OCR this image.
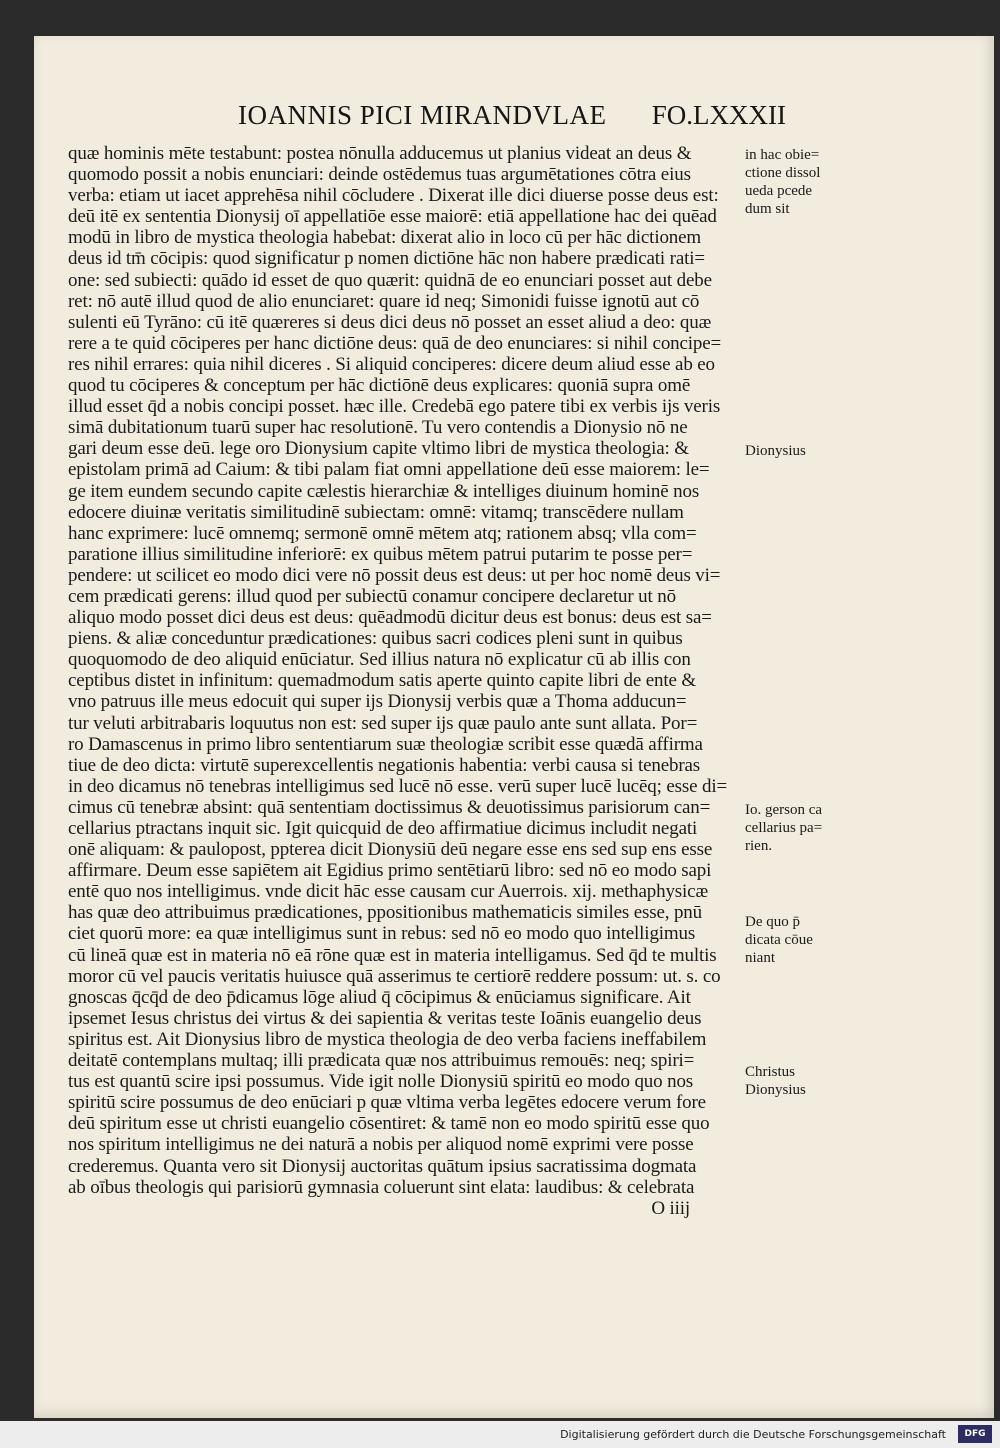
IOANNIS PICI MIRANDVLAE FO.LXXXII
quæ hominis mēte testabunt: postea nōnulla adducemus ut planius videat an deus &
quomodo possit a nobis enunciari: deinde ostēdemus tuas argumētationes cōtra eius
verba: etiam ut iacet apprehēsa nihil cōcludere . Dixerat ille dici diuerse posse deus est:
deū itē ex sententia Dionysij oī appellatiōe esse maiorē: etiā appellatione hac dei quēad
modū in libro de mystica theologia habebat: dixerat alio in loco cū per hāc dictionem
deus id tm̄ cōcipis: quod significatur p nomen dictiōne hāc non habere prædicati rati=
one: sed subiecti: quādo id esset de quo quærit: quidnā de eo enunciari posset aut debe
ret: nō autē illud quod de alio enunciaret: quare id neq; Simonidi fuisse ignotū aut cō
sulenti eū Tyrāno: cū itē quæreres si deus dici deus nō posset an esset aliud a deo: quæ
rere a te quid cōciperes per hanc dictiōne deus: quā de deo enunciares: si nihil concipe=
res nihil errares: quia nihil diceres . Si aliquid conciperes: dicere deum aliud esse ab eo
quod tu cōciperes & conceptum per hāc dictiōnē deus explicares: quoniā supra omē
illud esset q̄d a nobis concipi posset. hæc ille. Credebā ego patere tibi ex verbis ijs veris
simā dubitationum tuarū super hac resolutionē. Tu vero contendis a Dionysio nō ne
gari deum esse deū. lege oro Dionysium capite vltimo libri de mystica theologia: &
epistolam primā ad Caium: & tibi palam fiat omni appellatione deū esse maiorem: le=
ge item eundem secundo capite cælestis hierarchiæ & intelliges diuinum hominē nos
edocere diuinæ veritatis similitudinē subiectam: omnē: vitamq; transcēdere nullam
hanc exprimere: lucē omnemq; sermonē omnē mētem atq; rationem absq; vlla com=
paratione illius similitudine inferiorē: ex quibus mētem patrui putarim te posse per=
pendere: ut scilicet eo modo dici vere nō possit deus est deus: ut per hoc nomē deus vi=
cem prædicati gerens: illud quod per subiectū conamur concipere declaretur ut nō
aliquo modo posset dici deus est deus: quēadmodū dicitur deus est bonus: deus est sa=
piens. & aliæ conceduntur prædicationes: quibus sacri codices pleni sunt in quibus
quoquomodo de deo aliquid enūciatur. Sed illius natura nō explicatur cū ab illis con
ceptibus distet in infinitum: quemadmodum satis aperte quinto capite libri de ente &
vno patruus ille meus edocuit qui super ijs Dionysij verbis quæ a Thoma adducun=
tur veluti arbitrabaris loquutus non est: sed super ijs quæ paulo ante sunt allata. Por=
ro Damascenus in primo libro sententiarum suæ theologiæ scribit esse quædā affirma
tiue de deo dicta: virtutē superexcellentis negationis habentia: verbi causa si tenebras
in deo dicamus nō tenebras intelligimus sed lucē nō esse. verū super lucē lucēq; esse di=
cimus cū tenebræ absint: quā sententiam doctissimus & deuotissimus parisiorum can=
cellarius ptractans inquit sic. Igit quicquid de deo affirmatiue dicimus includit negati
onē aliquam: & paulopost, ppterea dicit Dionysiū deū negare esse ens sed sup ens esse
affirmare. Deum esse sapiētem ait Egidius primo sentētiarū libro: sed nō eo modo sapi
entē quo nos intelligimus. vnde dicit hāc esse causam cur Auerrois. xij. methaphysicæ
has quæ deo attribuimus prædicationes, ppositionibus mathematicis similes esse, pnū
ciet quorū more: ea quæ intelligimus sunt in rebus: sed nō eo modo quo intelligimus
cū lineā quæ est in materia nō eā rōne quæ est in materia intelligamus. Sed q̄d te multis
moror cū vel paucis veritatis huiusce quā asserimus te certiorē reddere possum: ut. s. co
gnoscas q̄cq̄d de deo p̄dicamus lōge aliud q̄ cōcipimus & enūciamus significare. Ait
ipsemet Iesus christus dei virtus & dei sapientia & veritas teste Ioānis euangelio deus
spiritus est. Ait Dionysius libro de mystica theologia de deo verba faciens ineffabilem
deitatē contemplans multaq; illi prædicata quæ nos attribuimus remouēs: neq; spiri=
tus est quantū scire ipsi possumus. Vide igit nolle Dionysiū spiritū eo modo quo nos
spiritū scire possumus de deo enūciari p quæ vltima verba legētes edocere verum fore
deū spiritum esse ut christi euangelio cōsentiret: & tamē non eo modo spiritū esse quo
nos spiritum intelligimus ne dei naturā a nobis per aliquod nomē exprimi vere posse
crederemus. Quanta vero sit Dionysij auctoritas quātum ipsius sacratissima dogmata
ab oībus theologis qui parisiorū gymnasia coluerunt sint elata: laudibus: & celebrata
O iiij
in hac obie=
ctione dissol
ueda pcede
dum sit
Dionysius
Io. gerson ca
cellarius pa=
rien.
De quo p̄
dicata cōue
niant
Christus
Dionysius
Digitalisierung gefördert durch die Deutsche Forschungsgemeinschaft	DFG
